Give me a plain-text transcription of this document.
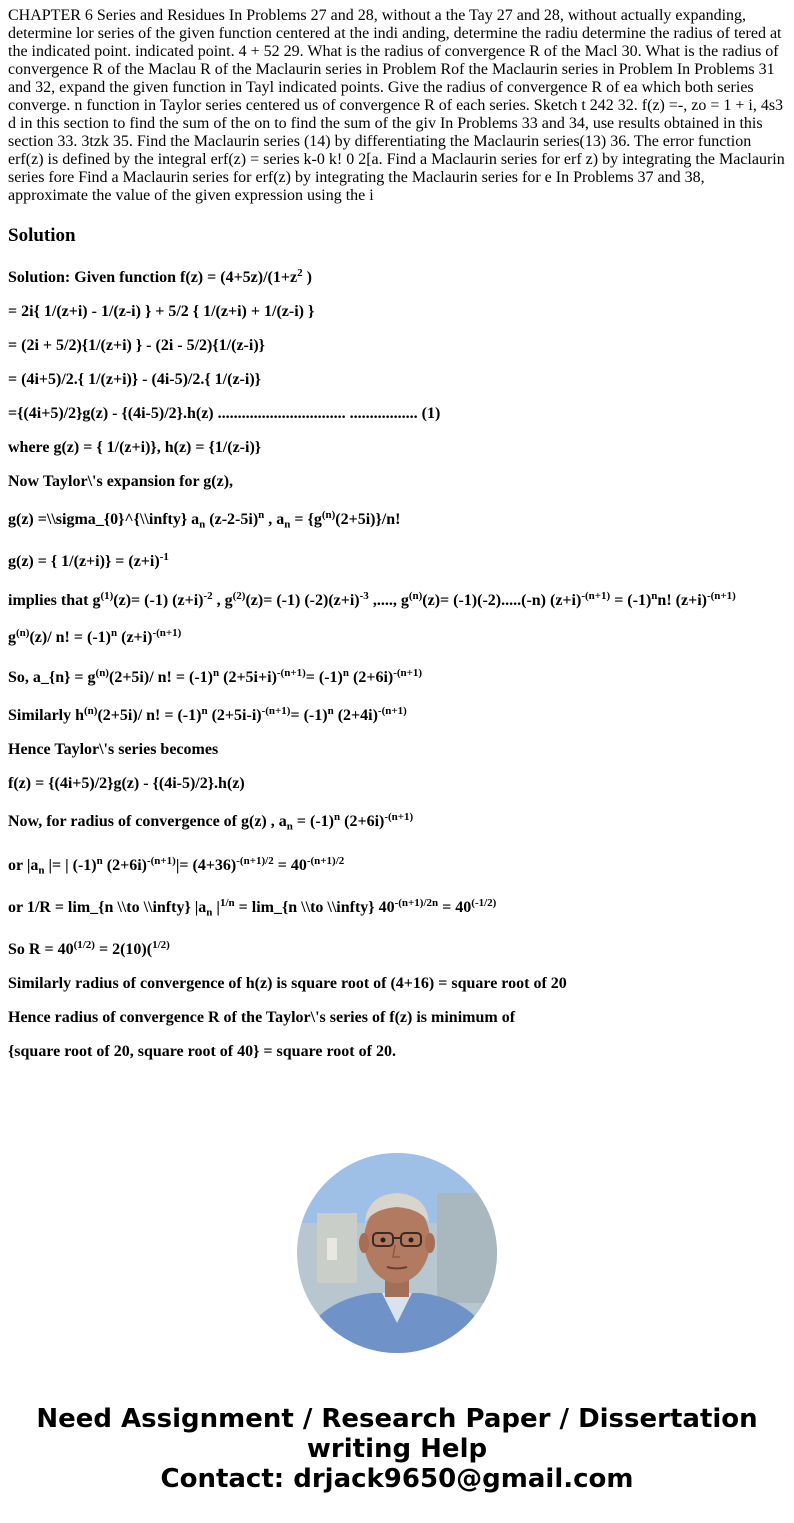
CHAPTER 6 Series and Residues In Problems 27 and 28, without a the Tay 27 and 28, without actually expanding, determine lor series of the given function centered at the indi anding, determine the radiu determine the radius of tered at the indicated point. indicated point. 4 + 52 29. What is the radius of convergence R of the Macl 30. What is the radius of convergence R of the Maclau R of the Maclaurin series in Problem Rof the Maclaurin series in Problem In Problems 31 and 32, expand the given function in Tayl indicated points. Give the radius of convergence R of ea which both series converge. n function in Taylor series centered us of convergence R of each series. Sketch t 242 32. f(z) =-, zo = 1 + i, 4s3 d in this section to find the sum of the on to find the sum of the giv In Problems 33 and 34, use results obtained in this section 33. 3tzk 35. Find the Maclaurin series (14) by differentiating the Maclaurin series(13) 36. The error function erf(z) is defined by the integral erf(z) = series k-0 k! 0 2[a. Find a Maclaurin series for erf z) by integrating the Maclaurin series fore Find a Maclaurin series for erf(z) by integrating the Maclaurin series for e In Problems 37 and 38, approximate the value of the given expression using the i

Solution

Solution: Given function $f(z) = (4+5z)/(1+z^2$ )

= 2i{ 1/(z+i) - 1/(z-i) } + 5/2 { 1/(z+i) + 1/(z-i) }

= (2i + 5/2){1/(z+i) } - (2i - 5/2){1/(z-i)}

= (4i+5)/2.{ 1/(z+i)} - (4i-5)/2.{ 1/(z-i)}

={(4i+5)/2}g(z) - {(4i-5)/2}.h(z) ................................ ................. (1)

where g(z) = { 1/(z+i)}, h(z) = {1/(z-i)}

Now Taylor\'s expansion for g(z),

g(z) =\\sigma_{0}^{\\infty} $a_n$ $(z-2-5i)^n$ , $a_n = \{g^{(n)}(2+5i)\}/n$!

g(z) = { $1/(z+i)\} = (z+i)^{-1}$

implies that $g^{(1)}(z)= (-1)$ $(z+i)^{-2}$ , $g^{(2)}(z)= (-1)$ $(-2)(z+i)^{-3}$ ,...., $g^{(n)}(z)= (-1)(-2).....(-n) (z+i)^{-(n+1)} = (-1)^nn$! $(z+i)^{-(n+1)}$

$g^{(n)}(z)/$ n! = $(-1)^n$ $(z+i)^{-(n+1)}$

So, a_{n} = $g^{(n)}(2+5i)/$ n! = $(-1)^n$ $(2+5i+i)^{-(n+1)}= (-1)^n$ $(2+6i)^{-(n+1)}$

Similarly $h^{(n)}(2+5i)/$ n! = $(-1)^n$ $(2+5i-i)^{-(n+1)}= (-1)^n$ $(2+4i)^{-(n+1)}$

Hence Taylor\'s series becomes

f(z) = {(4i+5)/2}g(z) - {(4i-5)/2}.h(z)

Now, for radius of convergence of g(z) , $a_n = (-1)^n$ $(2+6i)^{-(n+1)}$

or $|a_n$ |= | $(-1)^n$ $(2+6i)^{-(n+1)}|= (4+36)^{-(n+1)/2} = 40^{-(n+1)/2}$

or 1/R = lim_{n \\to \\infty} $|a_n$ $|^{1/n}$ = lim_{n \\to \\infty} $40^{-(n+1)/2n} = 40^{(-1/2)}$

So $R = 40^{(1/2)} = 2(10)(^{1/2)}$

Similarly radius of convergence of h(z) is square root of (4+16) = square root of 20

Hence radius of convergence R of the Taylor\'s series of f(z) is minimum of

{square root of 20, square root of 40} = square root of 20.

Need Assignment / Research Paper / Dissertation
writing Help
Contact: drjack9650@gmail.com
